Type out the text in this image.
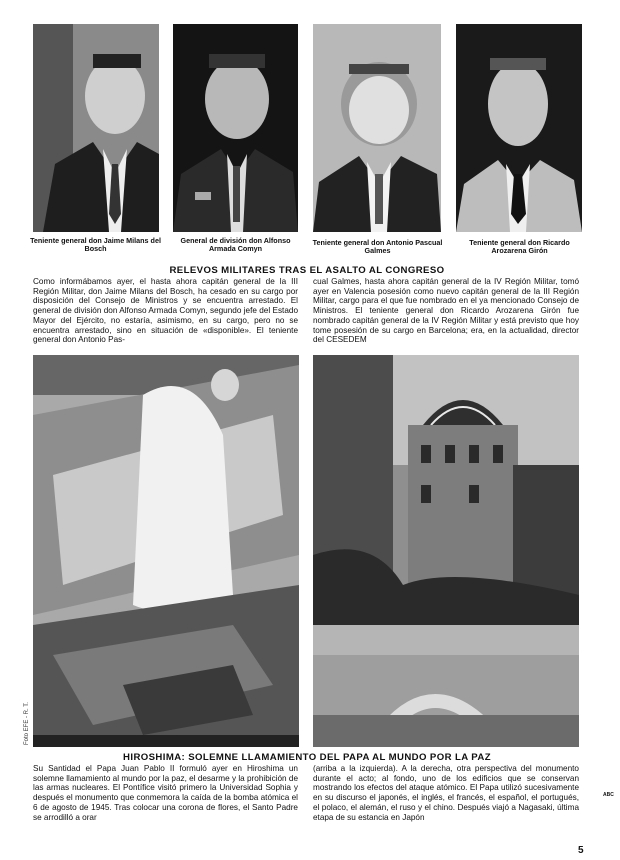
Teniente general don Jaime Milans del Bosch
General de división don Alfonso Armada Comyn
Teniente general don Antonio Pascual Galmes
Teniente general don Ricardo Arozarena Girón
RELEVOS MILITARES TRAS EL ASALTO AL CONGRESO

Como informábamos ayer, el hasta ahora capitán general de la III Región Militar, don Jaime Milans del Bosch, ha cesado en su cargo por disposición del Consejo de Ministros y se encuentra arrestado. El general de división don Alfonso Armada Comyn, segundo jefe del Estado Mayor del Ejército, no estaría, asimismo, en su cargo, pero no se encuentra arrestado, sino en situación de «disponible». El teniente general don Antonio Pas-

cual Galmes, hasta ahora capitán general de la IV Región Militar, tomó ayer en Valencia posesión como nuevo capitán general de la III Región Militar, cargo para el que fue nombrado en el ya mencionado Consejo de Ministros. El teniente general don Ricardo Arozarena Girón fue nombrado capitán general de la IV Región Militar y está previsto que hoy tome posesión de su cargo en Barcelona; era, en la actualidad, director del CESEDEM

Foto EFE - R. T.
HIROSHIMA: SOLEMNE LLAMAMIENTO DEL PAPA AL MUNDO POR LA PAZ

Su Santidad el Papa Juan Pablo II formuló ayer en Hiroshima un solemne llamamiento al mundo por la paz, el desarme y la prohibición de las armas nucleares. El Pontífice visitó primero la Universidad Sophia y después el monumento que conmemora la caída de la bomba atómica el 6 de agosto de 1945. Tras colocar una corona de flores, el Santo Padre se arrodilló a orar

(arriba a la izquierda). A la derecha, otra perspectiva del monumento durante el acto; al fondo, uno de los edificios que se conservan mostrando los efectos del ataque atómico. El Papa utilizó sucesivamente en su discurso el japonés, el inglés, el francés, el español, el portugués, el polaco, el alemán, el ruso y el chino. Después viajó a Nagasaki, última etapa de su estancia en Japón

ABC
5
